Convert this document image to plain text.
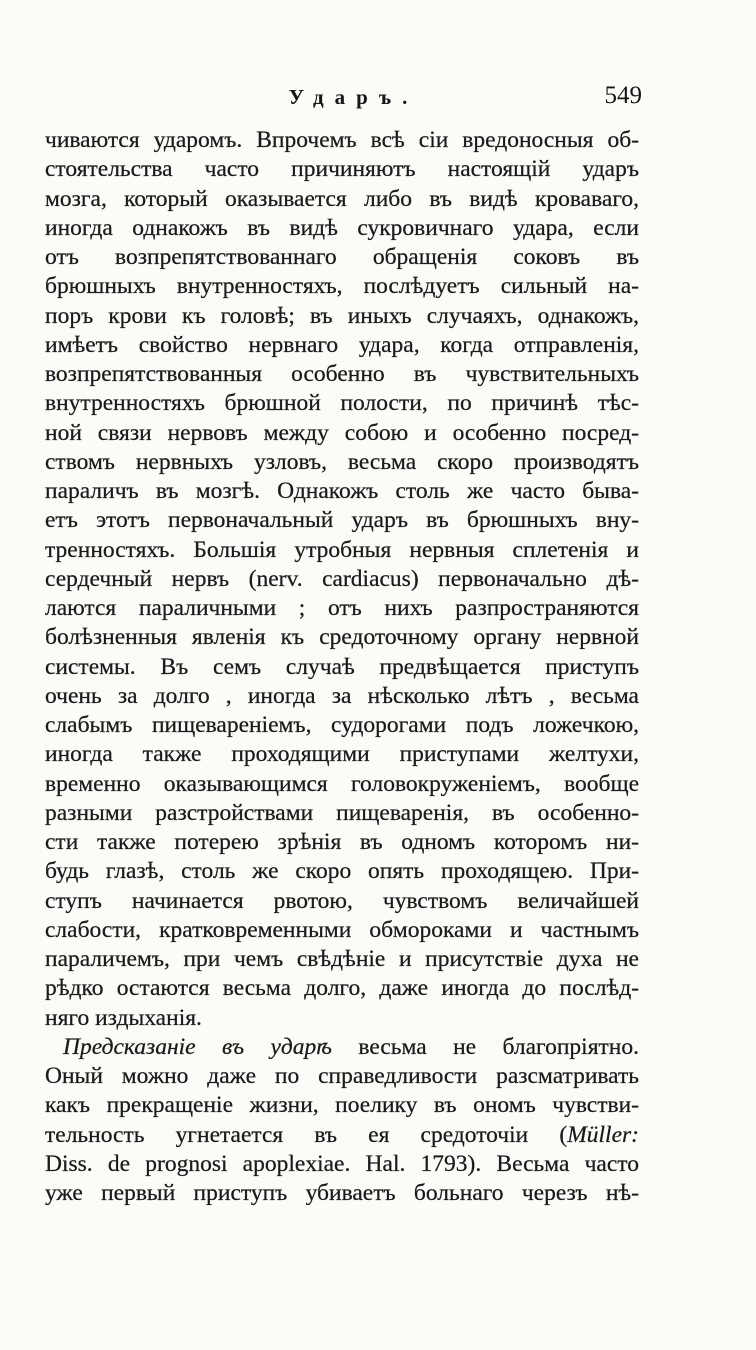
Ударъ.	549
чиваются ударомъ. Впрочемъ всѣ сіи вредоносныя об-
стоятельства часто причиняютъ настоящій ударъ
мозга, который оказывается либо въ видѣ кроваваго,
иногда однакожъ въ видѣ сукровичнаго удара, если
отъ возпрепятствованнаго обращенія соковъ въ
брюшныхъ внутренностяхъ, послѣдуетъ сильный на-
поръ крови къ головѣ; въ иныхъ случаяхъ, однакожъ,
имѣетъ свойство нервнаго удара, когда отправленія,
возпрепятствованныя особенно въ чувствительныхъ
внутренностяхъ брюшной полости, по причинѣ тѣс-
ной связи нервовъ между собою и особенно посред-
ствомъ нервныхъ узловъ, весьма скоро производятъ
параличъ въ мозгѣ. Однакожъ столь же часто быва-
етъ этотъ первоначальный ударъ въ брюшныхъ вну-
тренностяхъ. Большія утробныя нервныя сплетенія и
сердечный нервъ (nerv. cardiacus) первоначально дѣ-
лаются параличными ; отъ нихъ разпространяются
болѣзненныя явленія къ средоточному органу нервной
системы. Въ семъ случаѣ предвѣщается приступъ
очень за долго , иногда за нѣсколько лѣтъ , весьма
слабымъ пищевареніемъ, судорогами подъ ложечкою,
иногда также проходящими приступами желтухи,
временно оказывающимся головокруженіемъ, вообще
разными разстройствами пищеваренія, въ особенно-
сти также потерею зрѣнія въ одномъ которомъ ни-
будь глазѣ, столь же скоро опять проходящею. При-
ступъ начинается рвотою, чувствомъ величайшей
слабости, кратковременными обмороками и частнымъ
параличемъ, при чемъ свѣдѣніе и присутствіе духа не
рѣдко остаются весьма долго, даже иногда до послѣд-
няго издыханія.
Предсказаніе въ ударѣ весьма не благопріятно.
Оный можно даже по справедливости разсматривать
какъ прекращеніе жизни, поелику въ ономъ чувстви-
тельность угнетается въ ея средоточіи (Müller:
Diss. de prognosi apoplexiae. Hal. 1793). Весьма часто
уже первый приступъ убиваетъ больнаго черезъ нѣ-
